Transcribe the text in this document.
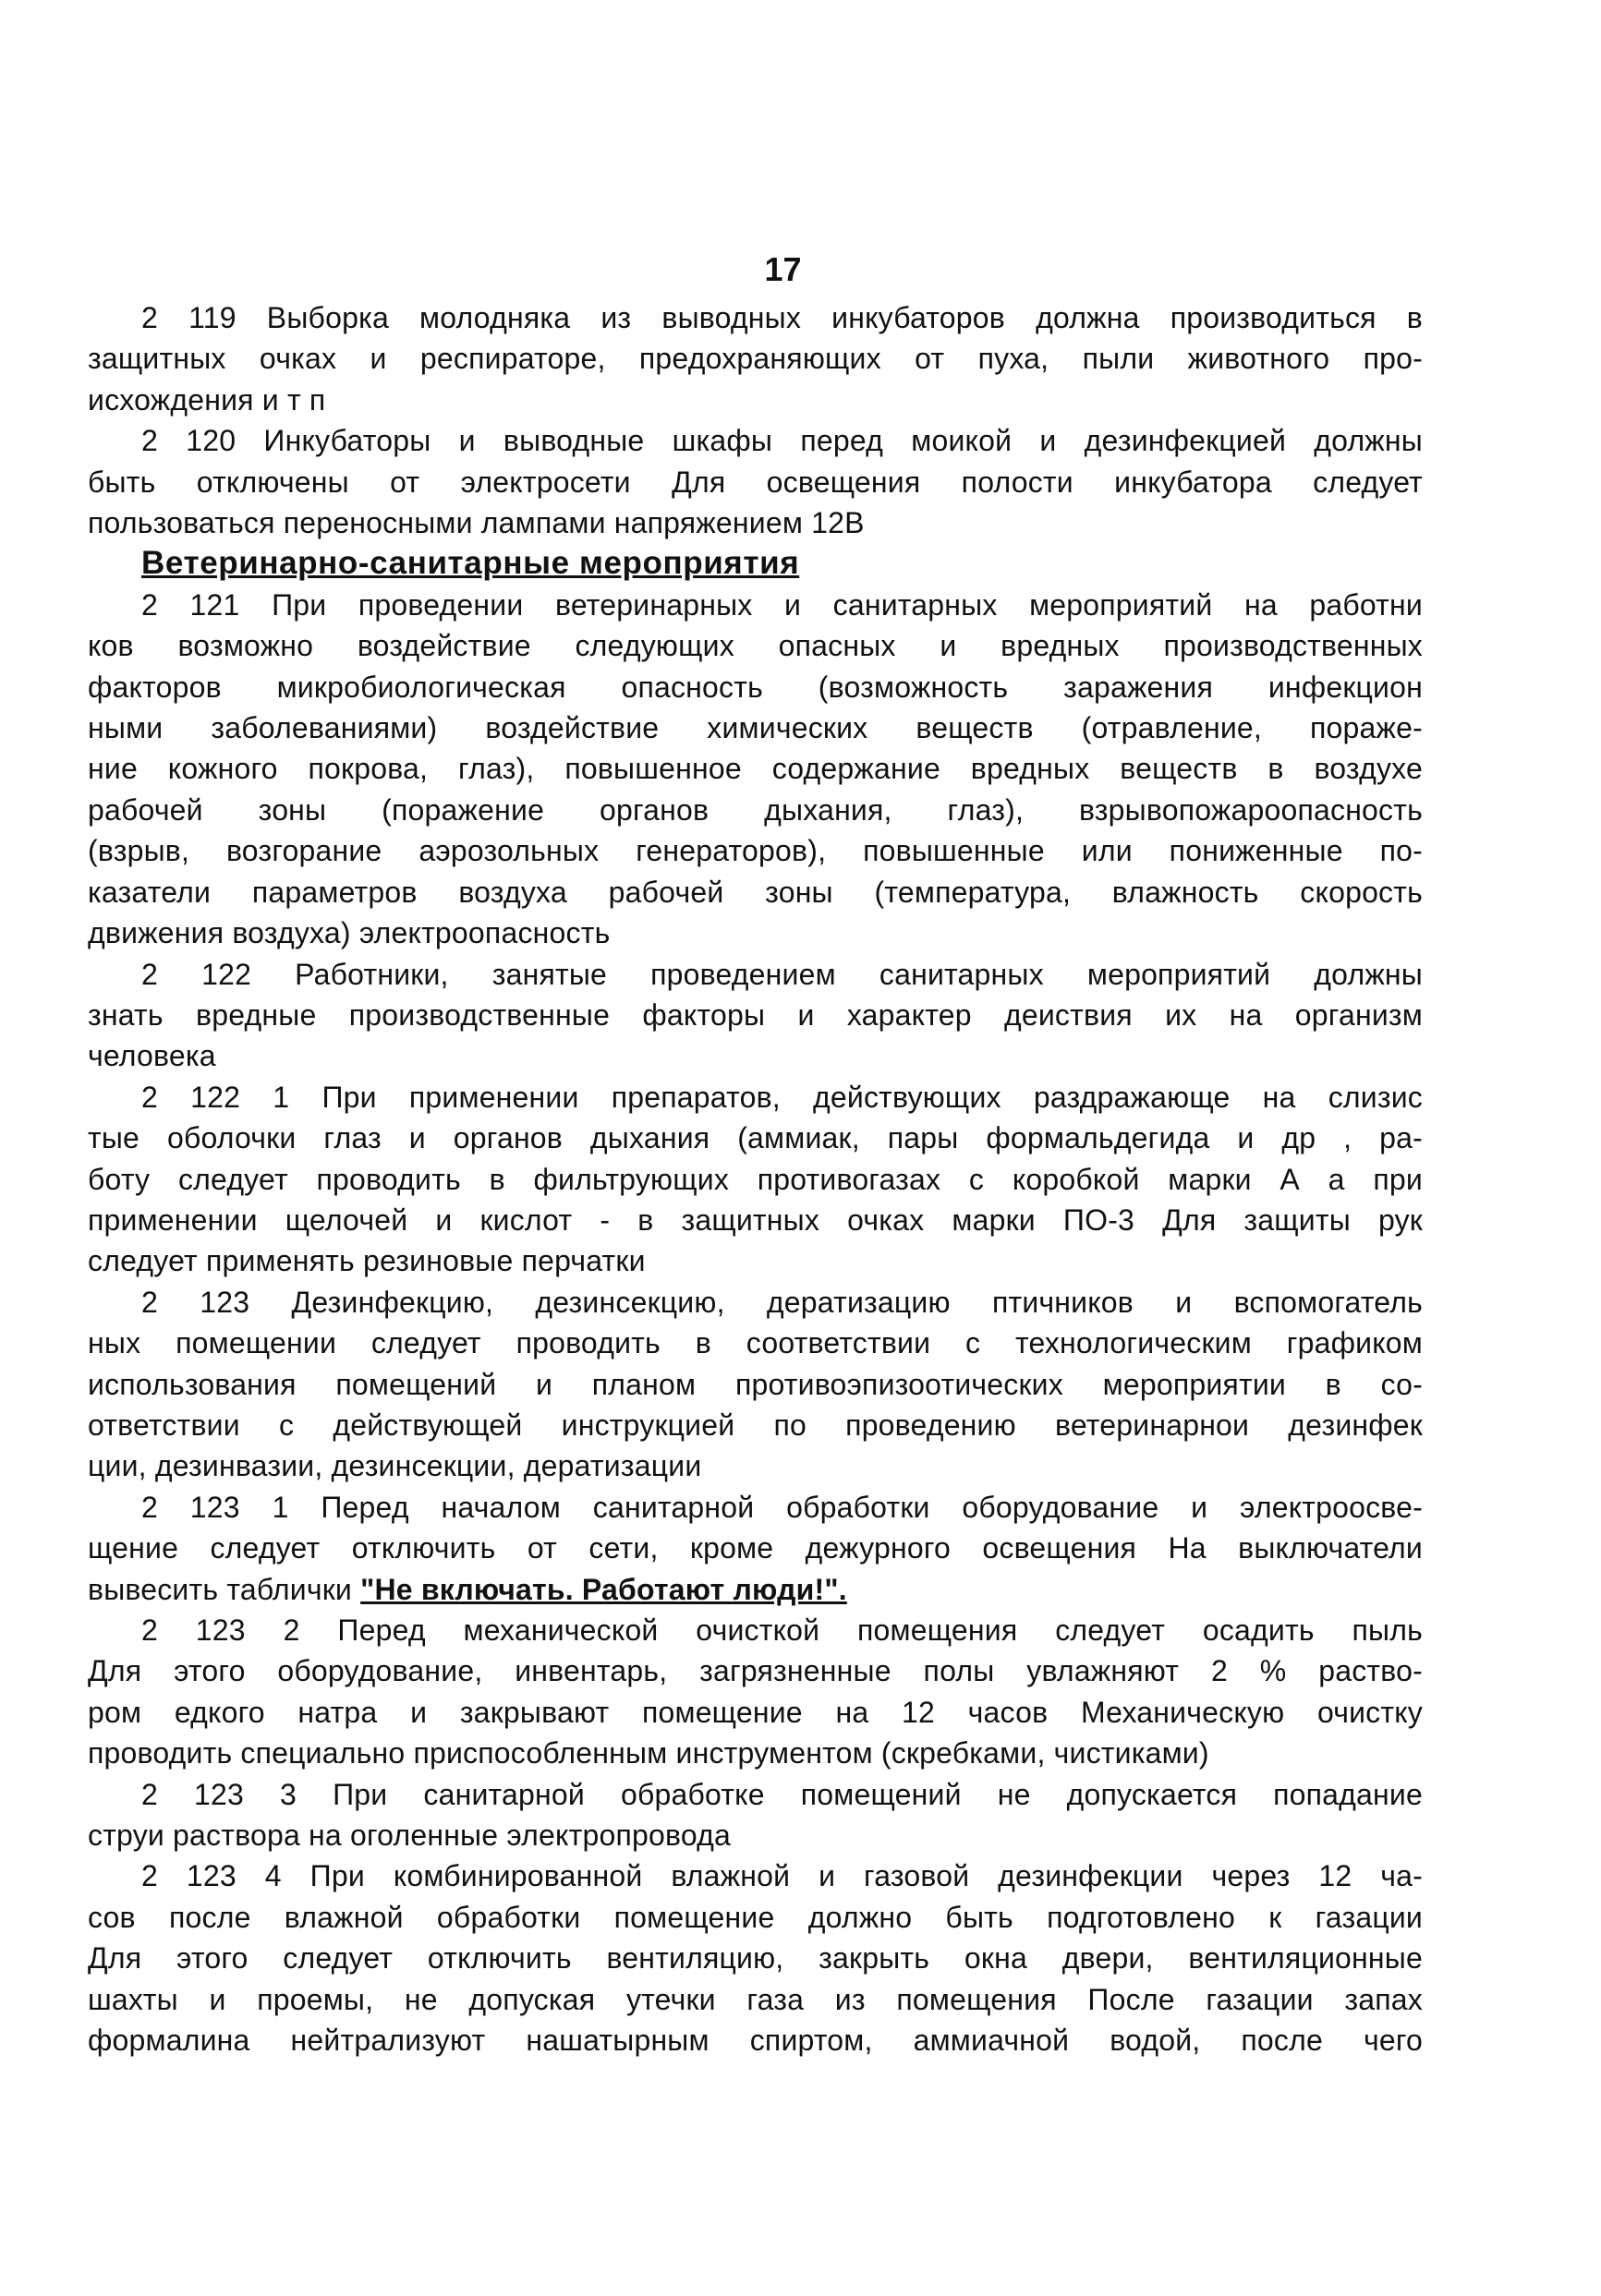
17
2 119 Выборка молодняка из выводных инкубаторов должна производиться в
защитных очках и респираторе, предохраняющих от пуха, пыли животного про-
исхождения и т п
2 120 Инкубаторы и выводные шкафы перед моикой и дезинфекцией должны
быть отключены от электросети Для освещения полости инкубатора следует
пользоваться переносными лампами напряжением 12В
Ветеринарно-санитарные мероприятия
2 121 При проведении ветеринарных и санитарных мероприятий на работни
ков возможно воздействие следующих опасных и вредных производственных
факторов микробиологическая опасность (возможность заражения инфекцион
ными заболеваниями) воздействие химических веществ (отравление, пораже-
ние кожного покрова, глаз), повышенное содержание вредных веществ в воздухе
рабочей зоны (поражение органов дыхания, глаз), взрывопожароопасность
(взрыв, возгорание аэрозольных генераторов), повышенные или пониженные по-
казатели параметров воздуха рабочей зоны (температура, влажность скорость
движения воздуха) электроопасность
2 122 Работники, занятые проведением санитарных мероприятий должны
знать вредные производственные факторы и характер деиствия их на организм
человека
2 122 1 При применении препаратов, действующих раздражающе на слизис
тые оболочки глаз и органов дыхания (аммиак, пары формальдегида и др , ра-
боту следует проводить в фильтрующих противогазах с коробкой марки А а при
применении щелочей и кислот - в защитных очках марки ПО-3 Для защиты рук
следует применять резиновые перчатки
2 123 Дезинфекцию, дезинсекцию, дератизацию птичников и вспомогатель
ных помещении следует проводить в соответствии с технологическим графиком
использования помещений и планом противоэпизоотических мероприятии в со-
ответствии с действующей инструкцией по проведению ветеринарнои дезинфек
ции, дезинвазии, дезинсекции, дератизации
2 123 1 Перед началом санитарной обработки оборудование и электроосве-
щение следует отключить от сети, кроме дежурного освещения На выключатели
вывесить таблички "Не включать. Работают люди!".
2 123 2 Перед механической очисткой помещения следует осадить пыль
Для этого оборудование, инвентарь, загрязненные полы увлажняют 2 % раство-
ром едкого натра и закрывают помещение на 12 часов Механическую очистку
проводить специально приспособленным инструментом (скребками, чистиками)
2 123 3 При санитарной обработке помещений не допускается попадание
струи раствора на оголенные электропровода
2 123 4 При комбинированной влажной и газовой дезинфекции через 12 ча-
сов после влажной обработки помещение должно быть подготовлено к газации
Для этого следует отключить вентиляцию, закрыть окна двери, вентиляционные
шахты и проемы, не допуская утечки газа из помещения После газации запах
формалина нейтрализуют нашатырным спиртом, аммиачной водой, после чего
